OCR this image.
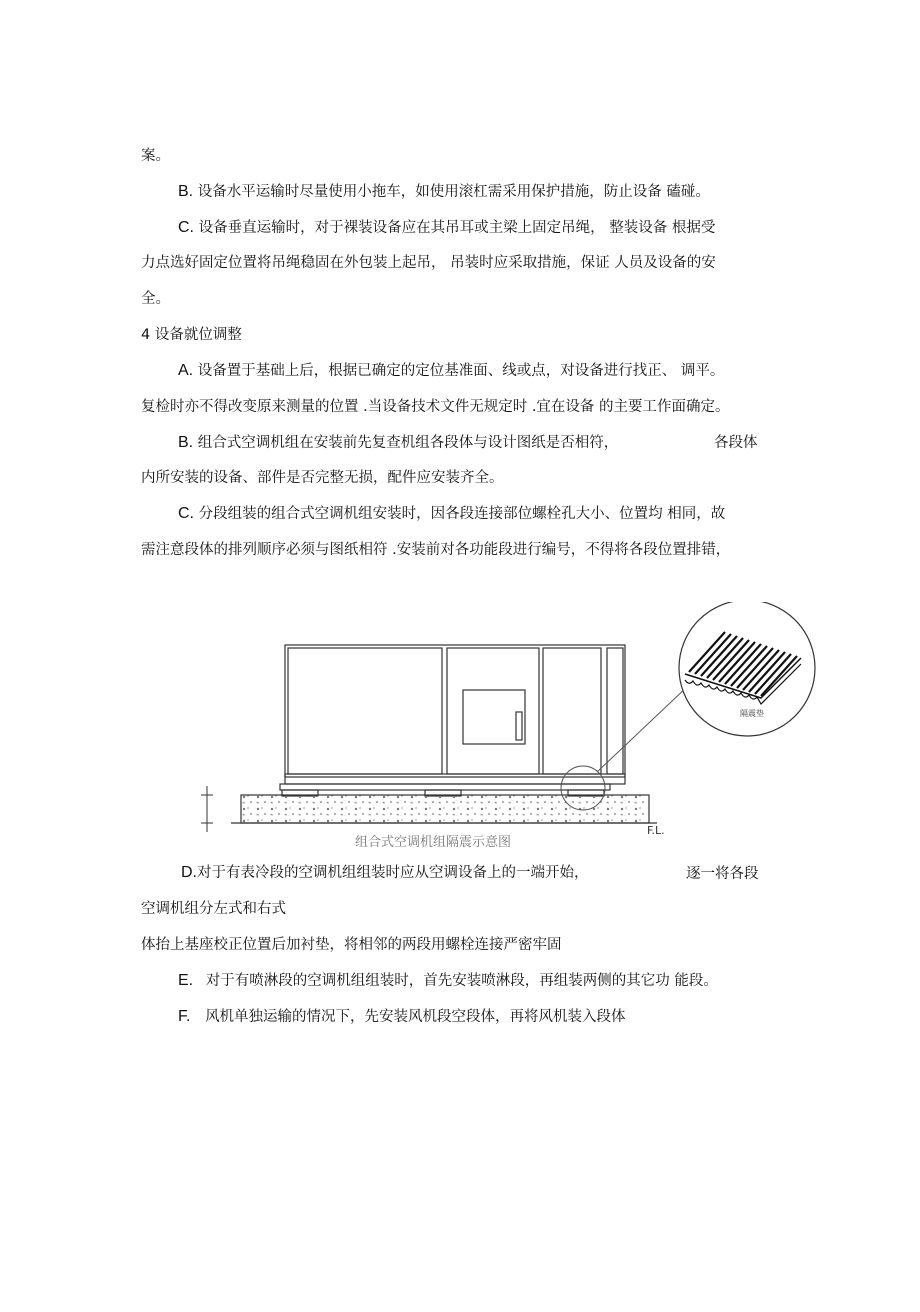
案。
B. 设备水平运输时尽量使用小拖车，如使用滚杠需采用保护措施，防止设备 磕碰。
C. 设备垂直运输时，对于裸装设备应在其吊耳或主梁上固定吊绳， 整装设备 根据受
力点选好固定位置将吊绳稳固在外包装上起吊， 吊装时应采取措施，保证 人员及设备的安
全。
4 设备就位调整
A. 设备置于基础上后，根据已确定的定位基准面、线或点，对设备进行找正、 调平。
复检时亦不得改变原来测量的位置 .当设备技术文件无规定时 .宜在设备 的主要工作面确定。
B. 组合式空调机组在安装前先复查机组各段体与设计图纸是否相符，	各段体
内所安装的设备、部件是否完整无损，配件应安装齐全。
C. 分段组装的组合式空调机组安装时，因各段连接部位螺栓孔大小、位置均 相同，故
需注意段体的排列顺序必须与图纸相符 .安装前对各功能段进行编号，不得将各段位置排错，
隔震垫
组合式空调机组隔震示意图
F.L.
D.对于有表冷段的空调机组组装时应从空调设备上的一端开始，	逐一将各段
空调机组分左式和右式
体抬上基座校正位置后加衬垫，将相邻的两段用螺栓连接严密牢固
E. 对于有喷淋段的空调机组组装时，首先安装喷淋段，再组装两侧的其它功 能段。
F. 风机单独运输的情况下，先安装风机段空段体，再将风机装入段体
